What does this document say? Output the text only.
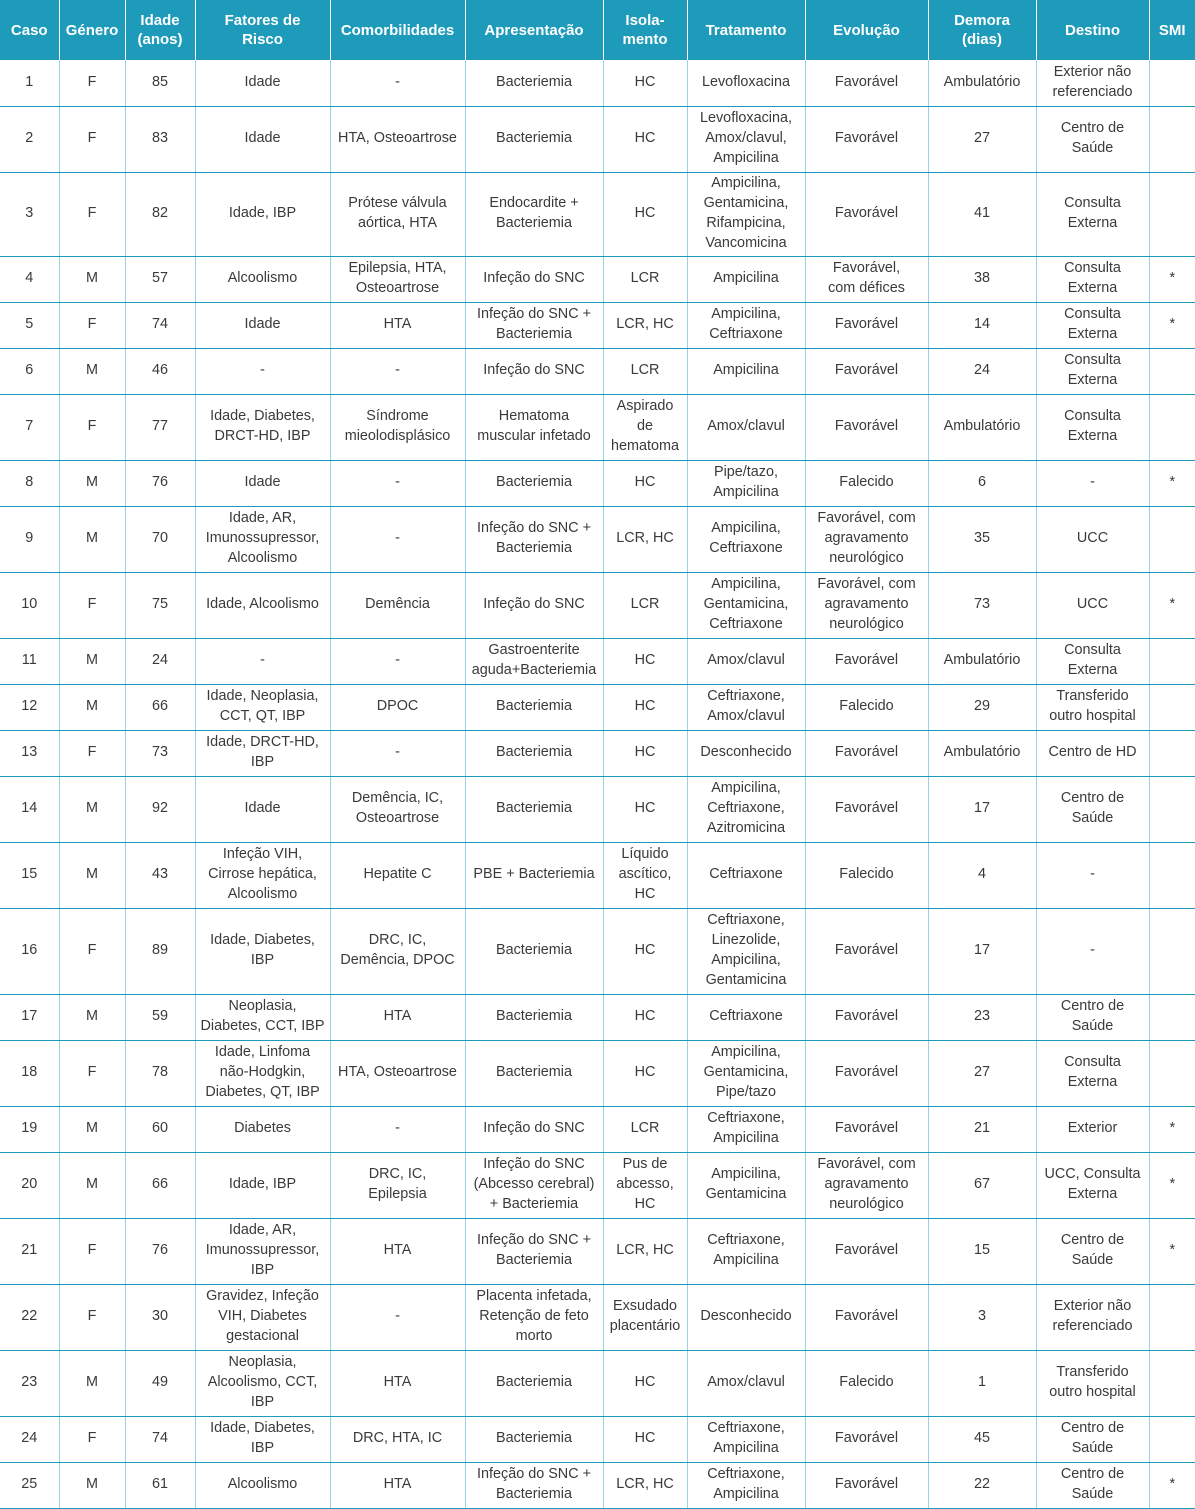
Caso	Género	Idade
(anos)	Fatores de
Risco	Comorbilidades	Apresentação	Isola-
mento	Tratamento	Evolução	Demora
(dias)	Destino	SMI

1	F	85	Idade	-	Bacteriemia	HC	Levofloxacina	Favorável	Ambulatório	Exterior não
referenciado	

2	F	83	Idade	HTA, Osteoartrose	Bacteriemia	HC	Levofloxacina,
Amox/clavul,
Ampicilina	Favorável	27	Centro de
Saúde	

3	F	82	Idade, IBP	Prótese válvula
aórtica, HTA	Endocardite +
Bacteriemia	HC	Ampicilina,
Gentamicina,
Rifampicina,
Vancomicina	Favorável	41	Consulta
Externa	

4	M	57	Alcoolismo	Epilepsia, HTA,
Osteoartrose	Infeção do SNC	LCR	Ampicilina	Favorável,
com défices	38	Consulta
Externa	*

5	F	74	Idade	HTA	Infeção do SNC +
Bacteriemia	LCR, HC	Ampicilina,
Ceftriaxone	Favorável	14	Consulta
Externa	*

6	M	46	-	-	Infeção do SNC	LCR	Ampicilina	Favorável	24	Consulta
Externa	

7	F	77	Idade, Diabetes,
DRCT-HD, IBP	Síndrome
mieolodisplásico	Hematoma
muscular infetado	Aspirado
de
hematoma	Amox/clavul	Favorável	Ambulatório	Consulta
Externa	

8	M	76	Idade	-	Bacteriemia	HC	Pipe/tazo,
Ampicilina	Falecido	6	-	*

9	M	70	Idade, AR,
Imunossupressor,
Alcoolismo	-	Infeção do SNC +
Bacteriemia	LCR, HC	Ampicilina,
Ceftriaxone	Favorável, com
agravamento
neurológico	35	UCC	

10	F	75	Idade, Alcoolismo	Demência	Infeção do SNC	LCR	Ampicilina,
Gentamicina,
Ceftriaxone	Favorável, com
agravamento
neurológico	73	UCC	*

11	M	24	-	-	Gastroenterite
aguda+Bacteriemia	HC	Amox/clavul	Favorável	Ambulatório	Consulta
Externa	

12	M	66	Idade, Neoplasia,
CCT, QT, IBP	DPOC	Bacteriemia	HC	Ceftriaxone,
Amox/clavul	Falecido	29	Transferido
outro hospital	

13	F	73	Idade, DRCT-HD,
IBP	-	Bacteriemia	HC	Desconhecido	Favorável	Ambulatório	Centro de HD	

14	M	92	Idade	Demência, IC,
Osteoartrose	Bacteriemia	HC	Ampicilina,
Ceftriaxone,
Azitromicina	Favorável	17	Centro de
Saúde	

15	M	43	Infeção VIH,
Cirrose hepática,
Alcoolismo	Hepatite C	PBE + Bacteriemia	Líquido
ascítico,
HC	Ceftriaxone	Falecido	4	-	

16	F	89	Idade, Diabetes,
IBP	DRC, IC,
Demência, DPOC	Bacteriemia	HC	Ceftriaxone,
Linezolide,
Ampicilina,
Gentamicina	Favorável	17	-	

17	M	59	Neoplasia,
Diabetes, CCT, IBP	HTA	Bacteriemia	HC	Ceftriaxone	Favorável	23	Centro de
Saúde	

18	F	78	Idade, Linfoma
não-Hodgkin,
Diabetes, QT, IBP	HTA, Osteoartrose	Bacteriemia	HC	Ampicilina,
Gentamicina,
Pipe/tazo	Favorável	27	Consulta
Externa	

19	M	60	Diabetes	-	Infeção do SNC	LCR	Ceftriaxone,
Ampicilina	Favorável	21	Exterior	*

20	M	66	Idade, IBP	DRC, IC,
Epilepsia	Infeção do SNC
(Abcesso cerebral)
+ Bacteriemia	Pus de
abcesso,
HC	Ampicilina,
Gentamicina	Favorável, com
agravamento
neurológico	67	UCC, Consulta
Externa	*

21	F	76	Idade, AR,
Imunossupressor,
IBP	HTA	Infeção do SNC +
Bacteriemia	LCR, HC	Ceftriaxone,
Ampicilina	Favorável	15	Centro de
Saúde	*

22	F	30	Gravidez, Infeção
VIH, Diabetes
gestacional	-	Placenta infetada,
Retenção de feto
morto	Exsudado
placentário	Desconhecido	Favorável	3	Exterior não
referenciado	

23	M	49	Neoplasia,
Alcoolismo, CCT,
IBP	HTA	Bacteriemia	HC	Amox/clavul	Falecido	1	Transferido
outro hospital	

24	F	74	Idade, Diabetes,
IBP	DRC, HTA, IC	Bacteriemia	HC	Ceftriaxone,
Ampicilina	Favorável	45	Centro de
Saúde	

25	M	61	Alcoolismo	HTA	Infeção do SNC +
Bacteriemia	LCR, HC	Ceftriaxone,
Ampicilina	Favorável	22	Centro de
Saúde	*
